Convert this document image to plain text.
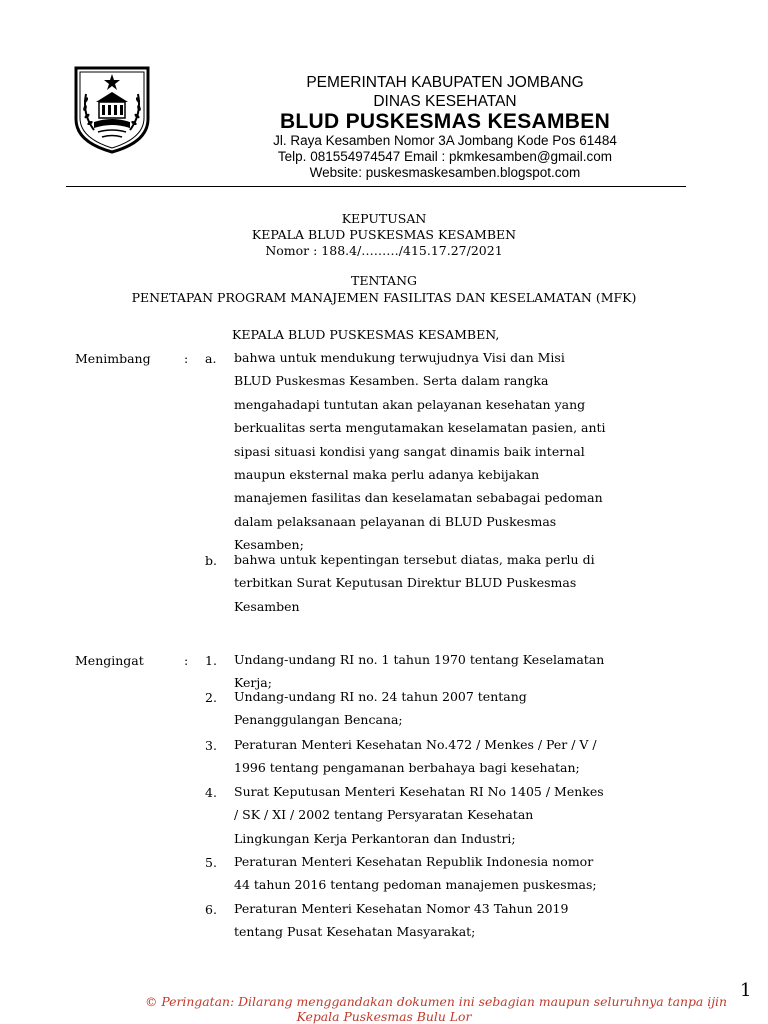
PEMERINTAH KABUPATEN JOMBANG
DINAS KESEHATAN
BLUD PUSKESMAS KESAMBEN
Jl. Raya Kesamben Nomor 3A Jombang Kode Pos 61484
Telp. 081554974547 Email : pkmkesamben@gmail.com
Website: puskesmaskesamben.blogspot.com
KEPUTUSAN
KEPALA BLUD PUSKESMAS KESAMBEN
Nomor : 188.4/………/415.17.27/2021
TENTANG
PENETAPAN PROGRAM MANAJEMEN FASILITAS DAN KESELAMATAN (MFK)
KEPALA BLUD PUSKESMAS KESAMBEN,
Menimbang	: a. bahwa untuk mendukung terwujudnya Visi dan Misi
BLUD Puskesmas Kesamben. Serta dalam rangka
mengahadapi tuntutan akan pelayanan kesehatan yang
berkualitas serta mengutamakan keselamatan pasien, anti
sipasi situasi kondisi yang sangat dinamis baik internal
maupun eksternal maka perlu adanya kebijakan
manajemen fasilitas dan keselamatan sebabagai pedoman
dalam pelaksanaan pelayanan di BLUD Puskesmas
Kesamben;
b. bahwa untuk kepentingan tersebut diatas, maka perlu di
terbitkan Surat Keputusan Direktur BLUD Puskesmas
Kesamben
Mengingat	: 1. Undang-undang RI no. 1 tahun 1970 tentang Keselamatan
Kerja;
2. Undang-undang RI no. 24 tahun 2007 tentang
Penanggulangan Bencana;
3. Peraturan Menteri Kesehatan No.472 / Menkes / Per / V /
1996 tentang pengamanan berbahaya bagi kesehatan;
4. Surat Keputusan Menteri Kesehatan RI No 1405 / Menkes
/ SK / XI / 2002 tentang Persyaratan Kesehatan
Lingkungan Kerja Perkantoran dan Industri;
5. Peraturan Menteri Kesehatan Republik Indonesia nomor
44 tahun 2016 tentang pedoman manajemen puskesmas;
6. Peraturan Menteri Kesehatan Nomor 43 Tahun 2019
tentang Pusat Kesehatan Masyarakat;
1
© Peringatan: Dilarang menggandakan dokumen ini sebagian maupun seluruhnya tanpa ijin
Kepala Puskesmas Bulu Lor
